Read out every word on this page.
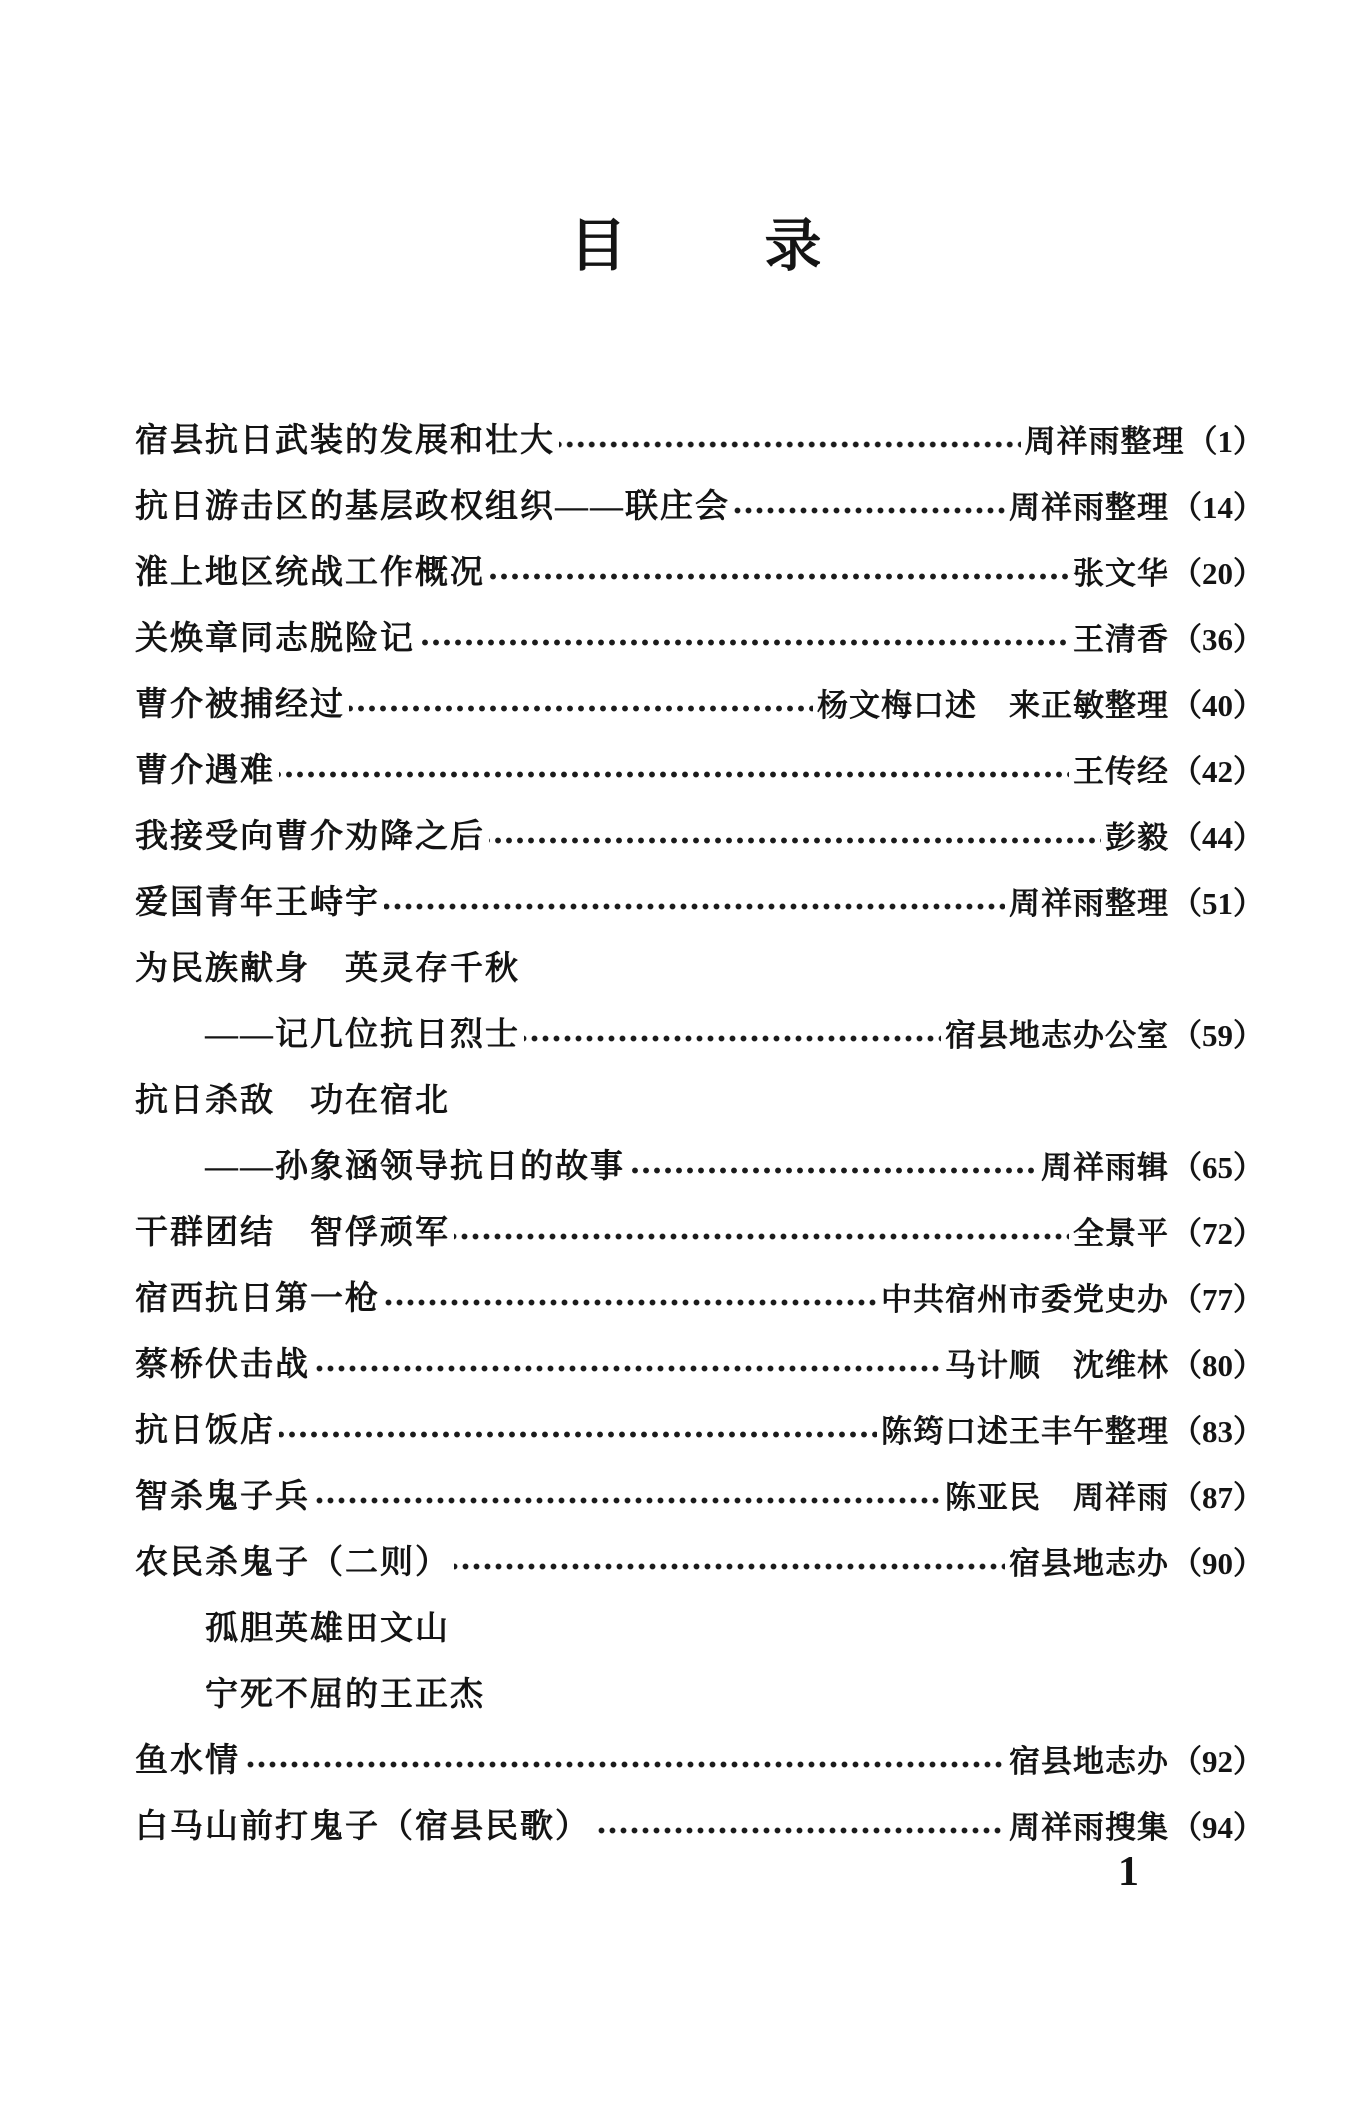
目　　录
宿县抗日武装的发展和壮大	周祥雨整理 （1）
抗日游击区的基层政权组织——联庄会	周祥雨整理 （14）
淮上地区统战工作概况	张文华 （20）
关焕章同志脱险记	王清香 （36）
曹介被捕经过	杨文梅口述　来正敏整理 （40）
曹介遇难	王传经 （42）
我接受向曹介劝降之后	彭毅 （44）
爱国青年王峙宇	周祥雨整理 （51）
为民族献身　英灵存千秋
——记几位抗日烈士	宿县地志办公室 （59）
抗日杀敌　功在宿北
——孙象涵领导抗日的故事	周祥雨辑 （65）
干群团结　智俘顽军	全景平 （72）
宿西抗日第一枪	中共宿州市委党史办 （77）
蔡桥伏击战	马计顺　沈维林 （80）
抗日饭店	陈筠口述王丰午整理 （83）
智杀鬼子兵	陈亚民　周祥雨 （87）
农民杀鬼子（二则）	宿县地志办 （90）
孤胆英雄田文山
宁死不屈的王正杰
鱼水情	宿县地志办 （92）
白马山前打鬼子（宿县民歌）	周祥雨搜集 （94）
1
